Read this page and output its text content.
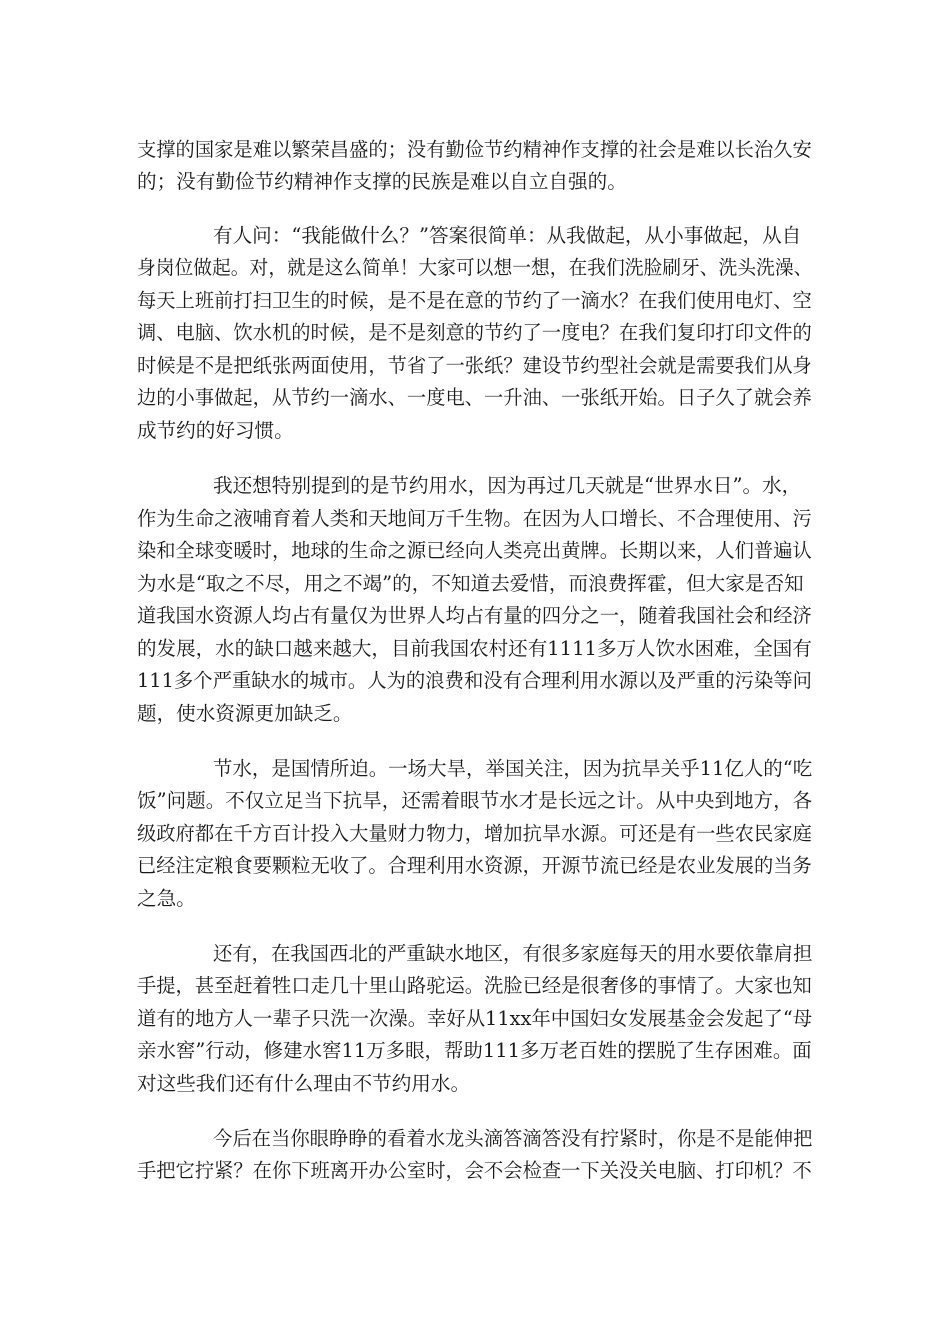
支撑的国家是难以繁荣昌盛的；没有勤俭节约精神作支撑的社会是难以长治久安
的；没有勤俭节约精神作支撑的民族是难以自立自强的。
有人问：“我能做什么？”答案很简单：从我做起，从小事做起，从自
身岗位做起。对，就是这么简单！大家可以想一想，在我们洗脸刷牙、洗头洗澡、
每天上班前打扫卫生的时候，是不是在意的节约了一滴水？在我们使用电灯、空
调、电脑、饮水机的时候，是不是刻意的节约了一度电？在我们复印打印文件的
时候是不是把纸张两面使用，节省了一张纸？建设节约型社会就是需要我们从身
边的小事做起，从节约一滴水、一度电、一升油、一张纸开始。日子久了就会养
成节约的好习惯。
我还想特别提到的是节约用水，因为再过几天就是“世界水日”。水，
作为生命之液哺育着人类和天地间万千生物。在因为人口增长、不合理使用、污
染和全球变暖时，地球的生命之源已经向人类亮出黄牌。长期以来，人们普遍认
为水是“取之不尽，用之不竭”的，不知道去爱惜，而浪费挥霍，但大家是否知
道我国水资源人均占有量仅为世界人均占有量的四分之一，随着我国社会和经济
的发展，水的缺口越来越大，目前我国农村还有1111多万人饮水困难，全国有
111多个严重缺水的城市。人为的浪费和没有合理利用水源以及严重的污染等问
题，使水资源更加缺乏。
节水，是国情所迫。一场大旱，举国关注，因为抗旱关乎11亿人的“吃
饭”问题。不仅立足当下抗旱，还需着眼节水才是长远之计。从中央到地方，各
级政府都在千方百计投入大量财力物力，增加抗旱水源。可还是有一些农民家庭
已经注定粮食要颗粒无收了。合理利用水资源，开源节流已经是农业发展的当务
之急。
还有，在我国西北的严重缺水地区，有很多家庭每天的用水要依靠肩担
手提，甚至赶着牲口走几十里山路驼运。洗脸已经是很奢侈的事情了。大家也知
道有的地方人一辈子只洗一次澡。幸好从11xx年中国妇女发展基金会发起了“母
亲水窖”行动，修建水窖11万多眼，帮助111多万老百姓的摆脱了生存困难。面
对这些我们还有什么理由不节约用水。
今后在当你眼睁睁的看着水龙头滴答滴答没有拧紧时，你是不是能伸把
手把它拧紧？在你下班离开办公室时，会不会检查一下关没关电脑、打印机？不
